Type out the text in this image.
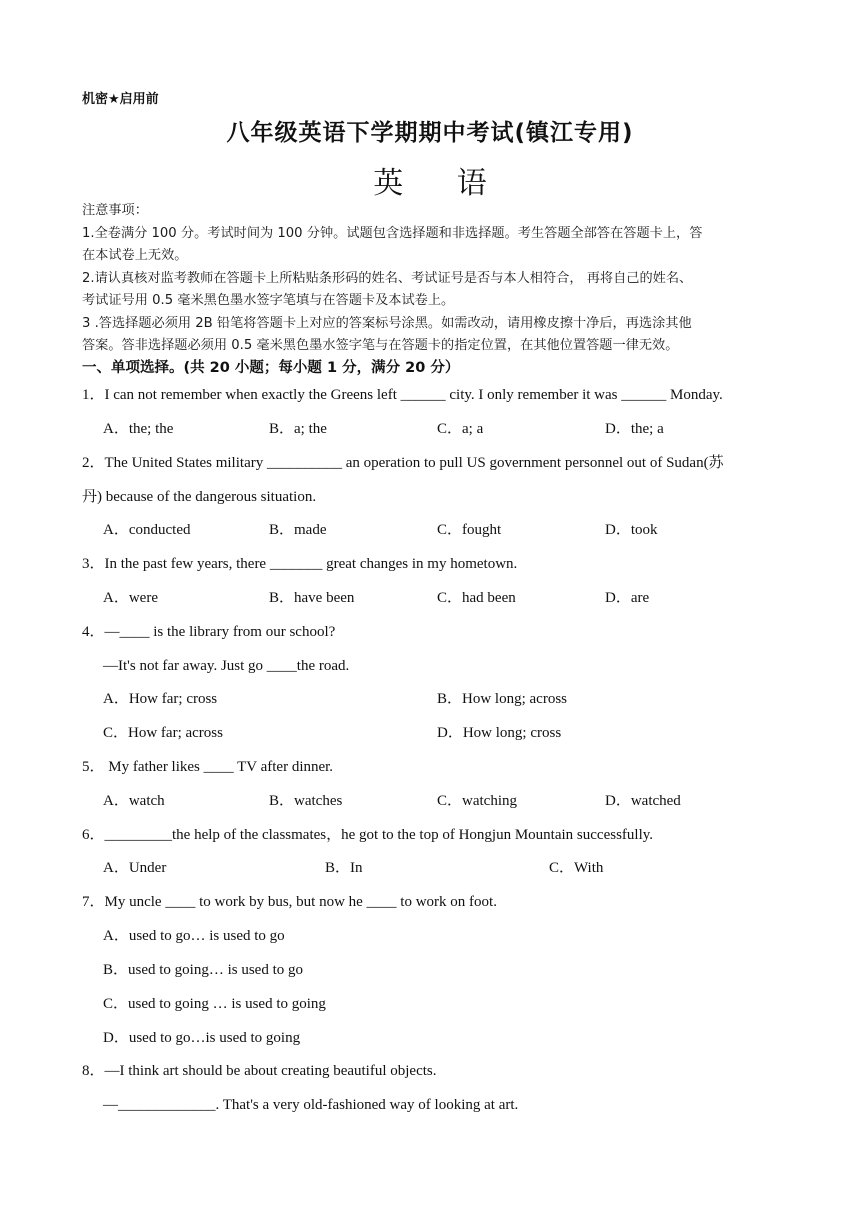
机密★启用前
八年级英语下学期期中考试(镇江专用)
英 语
注意事项：
1.全卷满分 100 分。考试时间为 100 分钟。试题包含选择题和非选择题。考生答题全部答在答题卡上，答
在本试卷上无效。
2.请认真核对监考教师在答题卡上所粘贴条形码的姓名、考试证号是否与本人相符合， 再将自己的姓名、
考试证号用 0.5 毫米黑色墨水签字笔填与在答题卡及本试卷上。
3 .答选择题必须用 2B 铅笔将答题卡上对应的答案标号涂黑。如需改动，请用橡皮擦十净后，再选涂其他
答案。答非选择题必须用 0.5 毫米黑色墨水签字笔与在答题卡的指定位置，在其他位置答题一律无效。
一、单项选择。(共 20 小题；每小题 1 分，满分 20 分）
1．I can not remember when exactly the Greens left ______ city. I only remember it was ______ Monday.
A．the; the	B．a; the	C．a; a	D．the; a
2．The United States military __________ an operation to pull US government personnel out of Sudan(苏
丹) because of the dangerous situation.
A．conducted	B．made	C．fought	D．took
3．In the past few years, there _______ great changes in my hometown.
A．were	B．have been	C．had been	D．are
4．—____ is the library from our school?
—It's not far away. Just go ____the road.
A．How far; cross	B．How long; across
C．How far; across	D．How long; cross
5． My father likes ____ TV after dinner.
A．watch	B．watches	C．watching	D．watched
6．_________the help of the classmates，he got to the top of Hongjun Mountain successfully.
A．Under	B．In	C．With
7．My uncle ____ to work by bus, but now he ____ to work on foot.
A．used to go… is used to go
B．used to going… is used to go
C．used to going … is used to going
D．used to go…is used to going
8．—I think art should be about creating beautiful objects.
—_____________. That's a very old-fashioned way of looking at art.
